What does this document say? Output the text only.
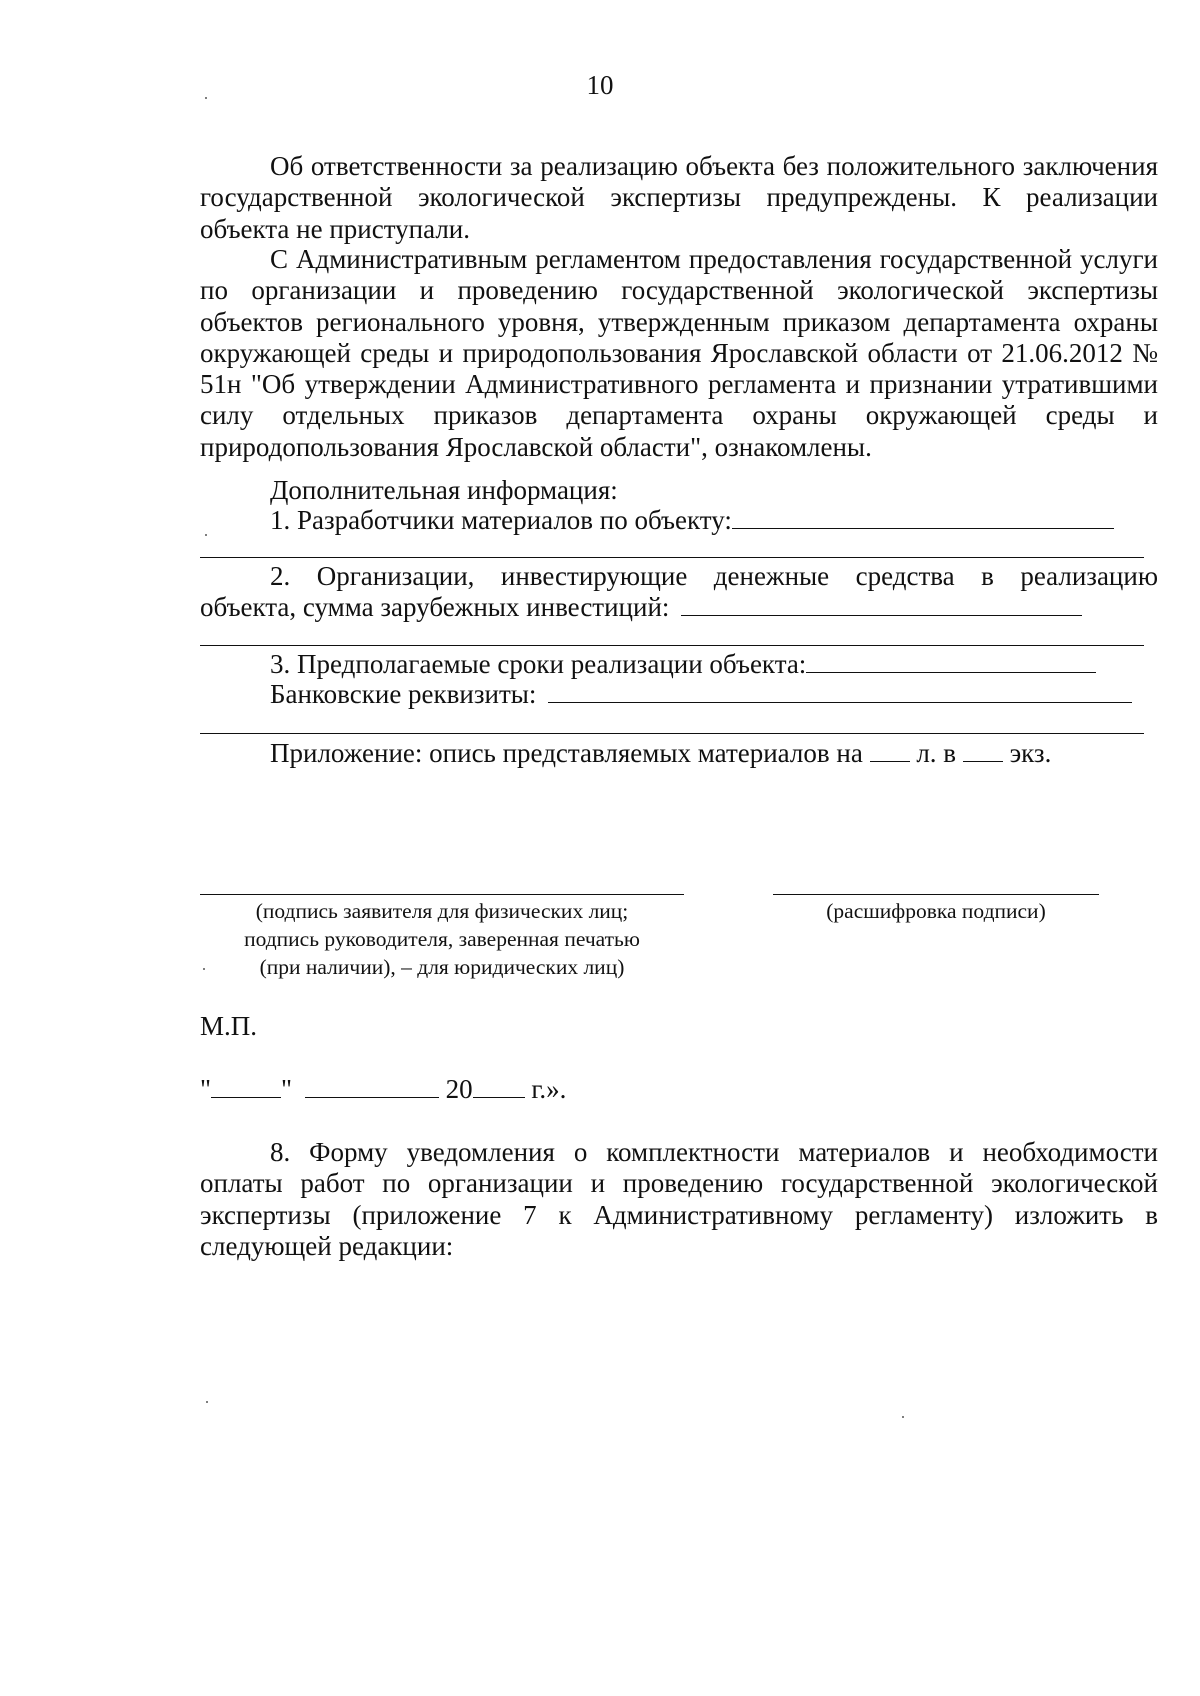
10

Об ответственности за реализацию объекта без положительного заключения государственной экологической экспертизы предупреждены. К реализации объекта не приступали.

С Административным регламентом предоставления государственной услуги по организации и проведению государственной экологической экспертизы объектов регионального уровня, утвержденным приказом департамента охраны окружающей среды и природопользования Ярославской области от 21.06.2012 № 51н "Об утверждении Административного регламента и признании утратившими силу отдельных приказов департамента охраны окружающей среды и природопользования Ярославской области", ознакомлены.

Дополнительная информация:
1. Разработчики материалов по объекту:
2. Организации, инвестирующие денежные средства в реализацию
объекта, сумма зарубежных инвестиций:
3. Предполагаемые сроки реализации объекта:
Банковские реквизиты:
Приложение: опись представляемых материалов на л. в экз.
(подпись заявителя для физических лиц;
подпись руководителя, заверенная печатью
(при наличии), – для юридических лиц)
(расшифровка подписи)
М.П.
"	"	20 г.».

8. Форму уведомления о комплектности материалов и необходимости оплаты работ по организации и проведению государственной экологической экспертизы (приложение 7 к Административному регламенту) изложить в следующей редакции:
